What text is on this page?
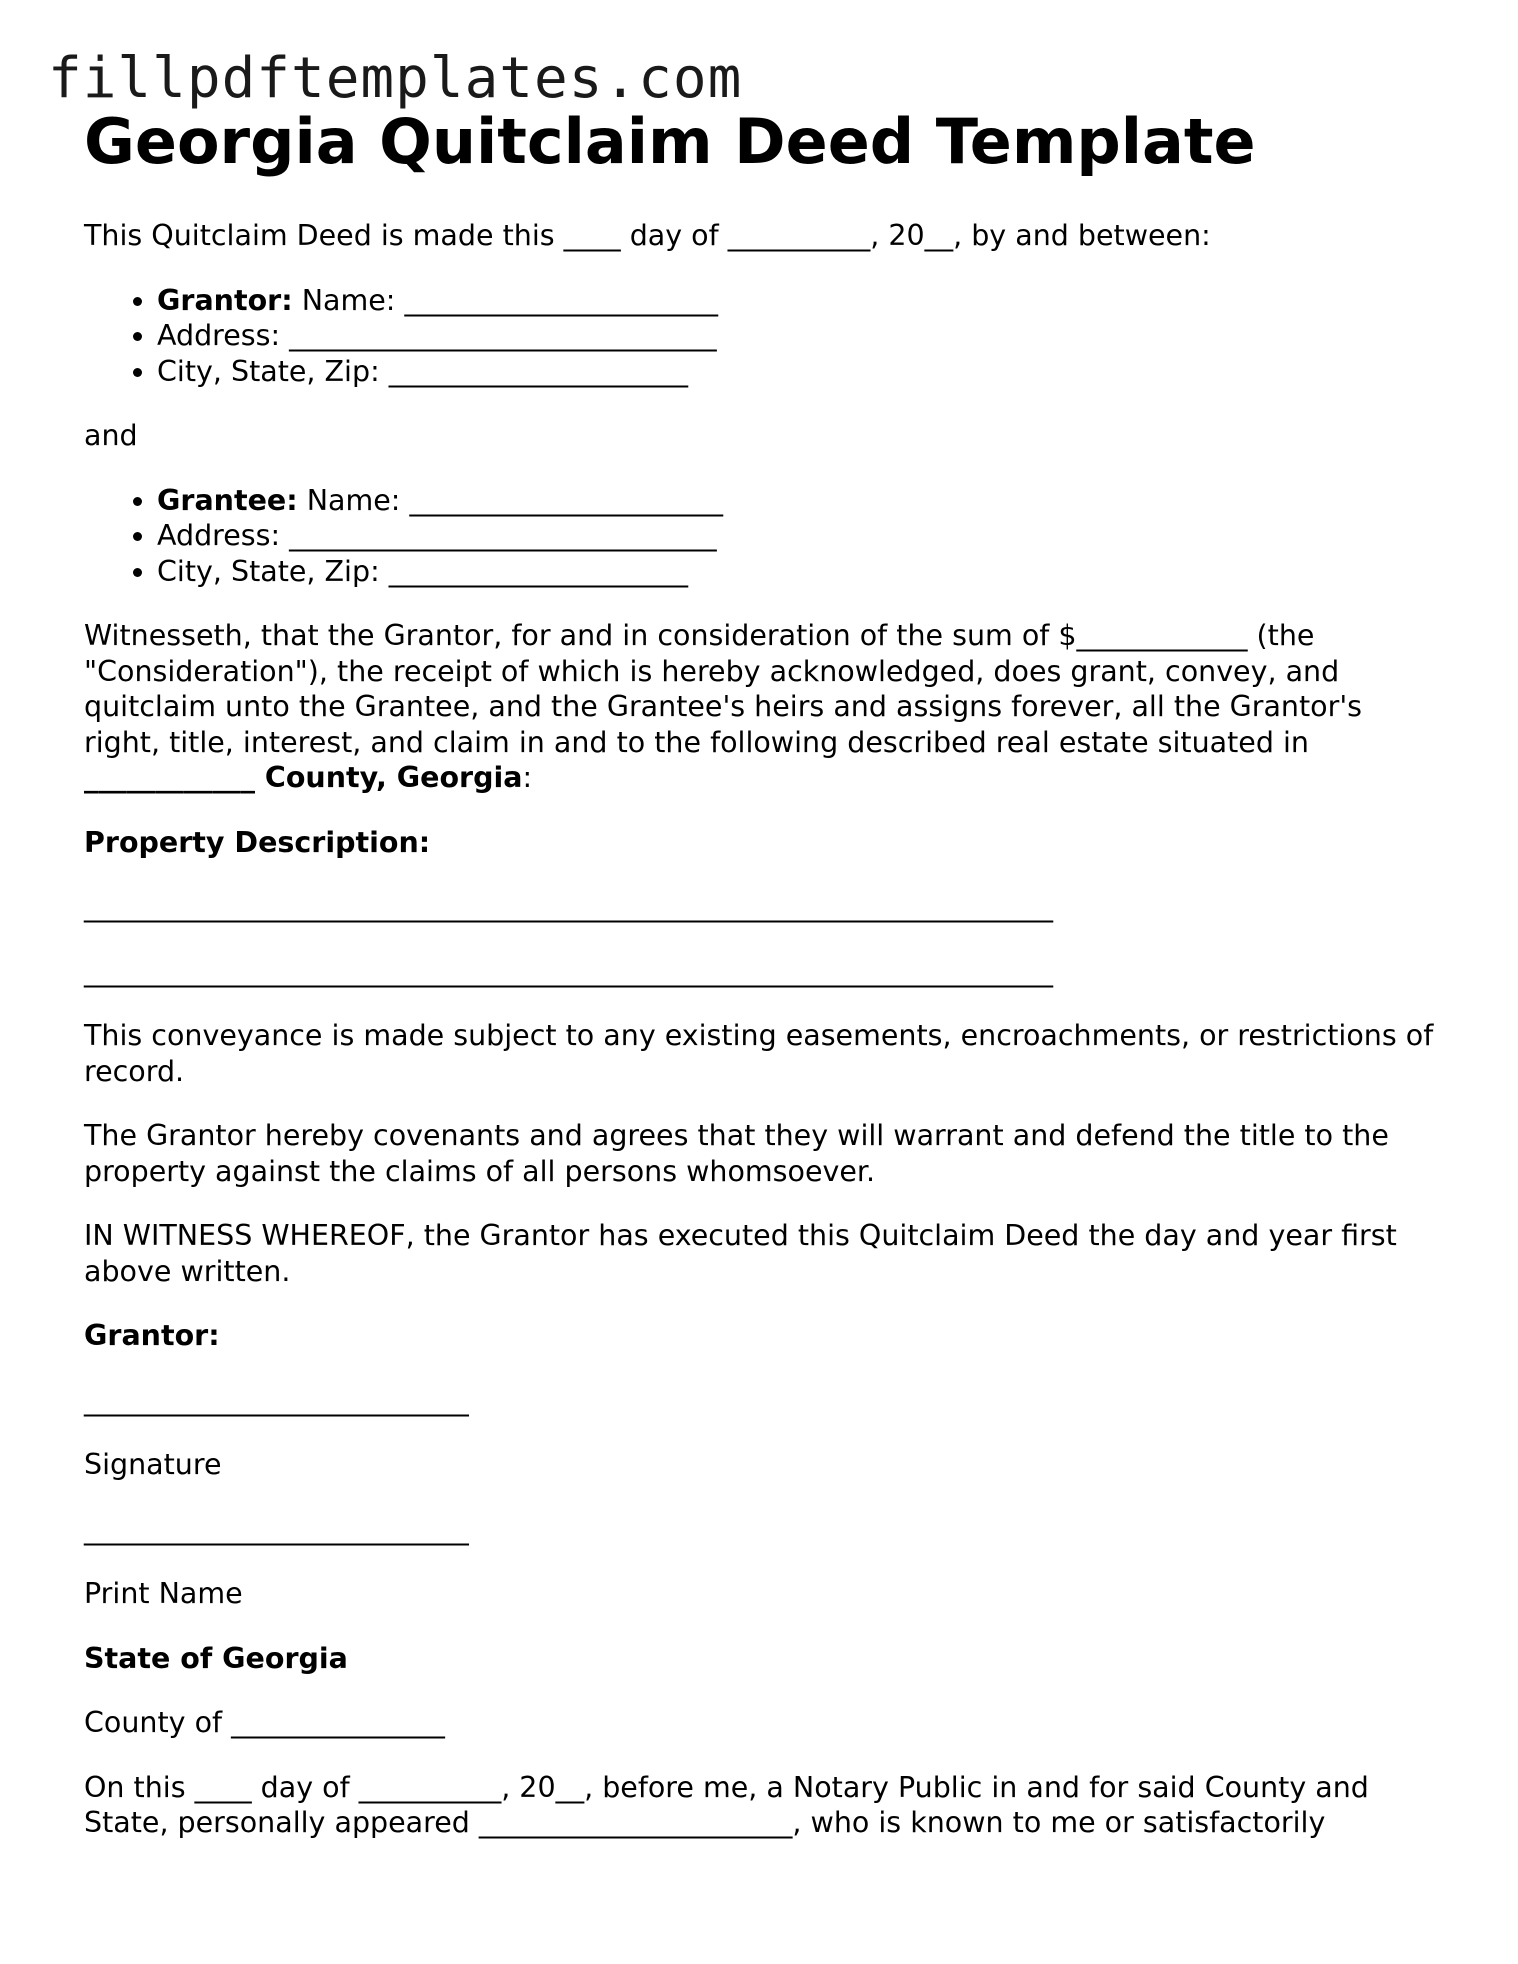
fillpdftemplates.com
Georgia Quitclaim Deed Template

This Quitclaim Deed is made this ____ day of __________, 20__, by and between:

• Grantor: Name: ______________________
• Address: ______________________________
• City, State, Zip: _____________________

and

• Grantee: Name: ______________________
• Address: ______________________________
• City, State, Zip: _____________________

Witnesseth, that the Grantor, for and in consideration of the sum of $____________ (the "Consideration"), the receipt of which is hereby acknowledged, does grant, convey, and quitclaim unto the Grantee, and the Grantee's heirs and assigns forever, all the Grantor's right, title, interest, and claim in and to the following described real estate situated in ____________ County, Georgia:

Property Description:

____________________________________________________________________

____________________________________________________________________

This conveyance is made subject to any existing easements, encroachments, or restrictions of record.

The Grantor hereby covenants and agrees that they will warrant and defend the title to the property against the claims of all persons whomsoever.

IN WITNESS WHEREOF, the Grantor has executed this Quitclaim Deed the day and year first above written.

Grantor:

___________________________

Signature

___________________________

Print Name

State of Georgia

County of _______________

On this ____ day of __________, 20__, before me, a Notary Public in and for said County and State, personally appeared ______________________, who is known to me or satisfactorily
